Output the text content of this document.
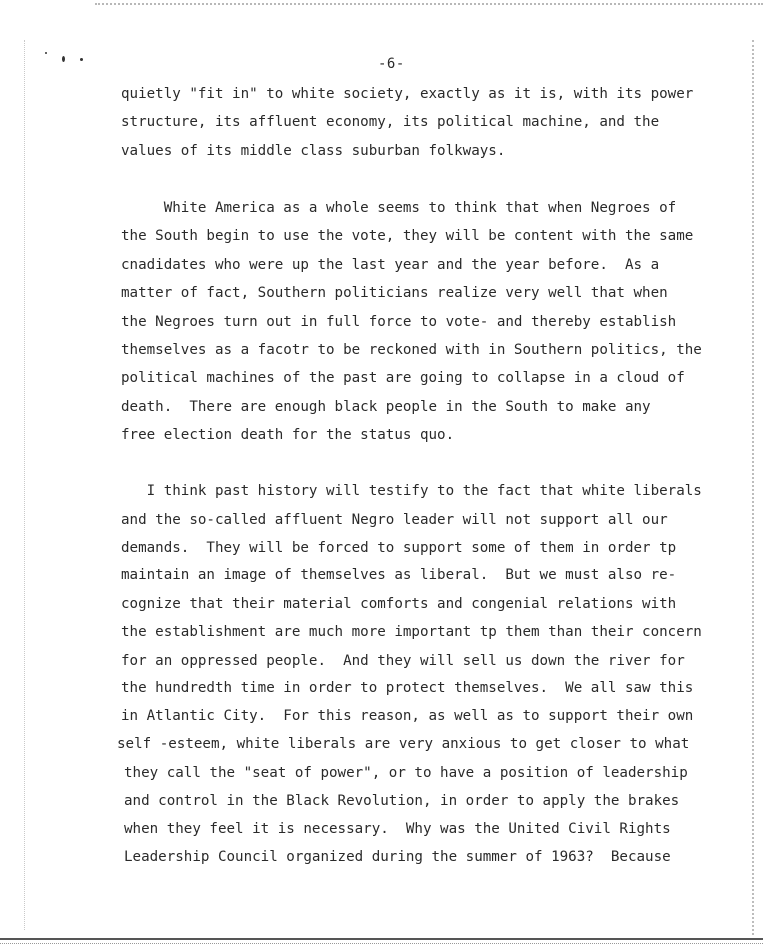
-6-
quietly "fit in" to white society, exactly as it is, with its power
structure, its affluent economy, its political machine, and the
values of its middle class suburban folkways.
White America as a whole seems to think that when Negroes of
the South begin to use the vote, they will be content with the same
cnadidates who were up the last year and the year before.  As a
matter of fact, Southern politicians realize very well that when
the Negroes turn out in full force to vote- and thereby establish
themselves as a facotr to be reckoned with in Southern politics, the
political machines of the past are going to collapse in a cloud of
death.  There are enough black people in the South to make any
free election death for the status quo.
I think past history will testify to the fact that white liberals
and the so-called affluent Negro leader will not support all our
demands.  They will be forced to support some of them in order tp
maintain an image of themselves as liberal.  But we must also re-
cognize that their material comforts and congenial relations with
the establishment are much more important tp them than their concern
for an oppressed people.  And they will sell us down the river for
the hundredth time in order to protect themselves.  We all saw this
in Atlantic City.  For this reason, as well as to support their own
self -esteem, white liberals are very anxious to get closer to what
they call the "seat of power", or to have a position of leadership
and control in the Black Revolution, in order to apply the brakes
when they feel it is necessary.  Why was the United Civil Rights
Leadership Council organized during the summer of 1963?  Because
